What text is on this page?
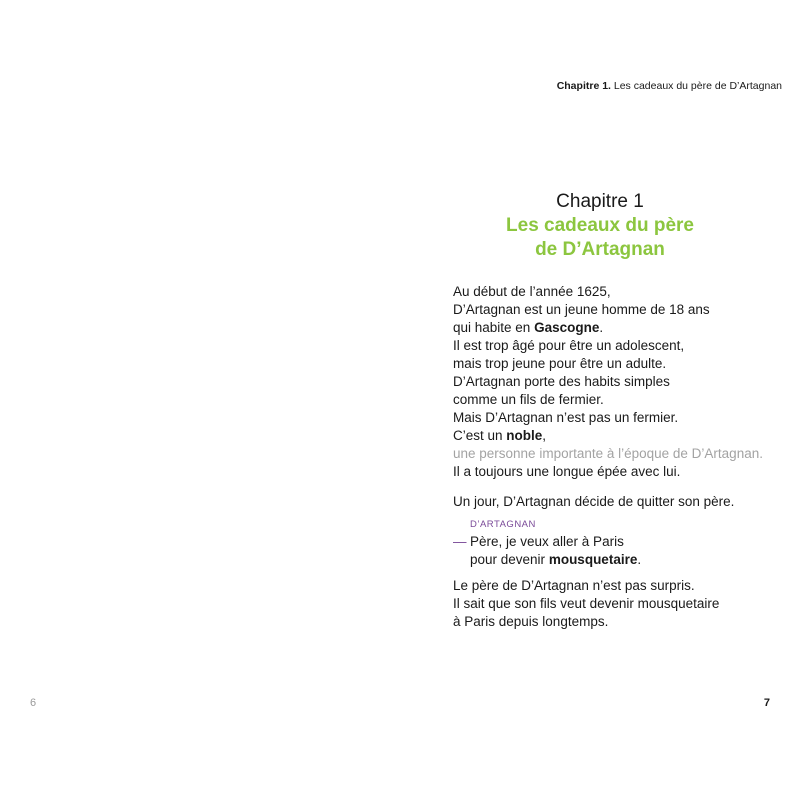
6
Chapitre 1. Les cadeaux du père de D’Artagnan
Chapitre 1
Les cadeaux du père
de D’Artagnan
Au début de l’année 1625,
D’Artagnan est un jeune homme de 18 ans
qui habite en Gascogne.
Il est trop âgé pour être un adolescent,
mais trop jeune pour être un adulte.
D’Artagnan porte des habits simples
comme un fils de fermier.
Mais D’Artagnan n’est pas un fermier.
C’est un noble,
une personne importante à l’époque de D’Artagnan.
Il a toujours une longue épée avec lui.
Un jour, D’Artagnan décide de quitter son père.
D’ARTAGNAN
— Père, je veux aller à Paris
pour devenir mousquetaire.
Le père de D’Artagnan n’est pas surpris.
Il sait que son fils veut devenir mousquetaire
à Paris depuis longtemps.
7
